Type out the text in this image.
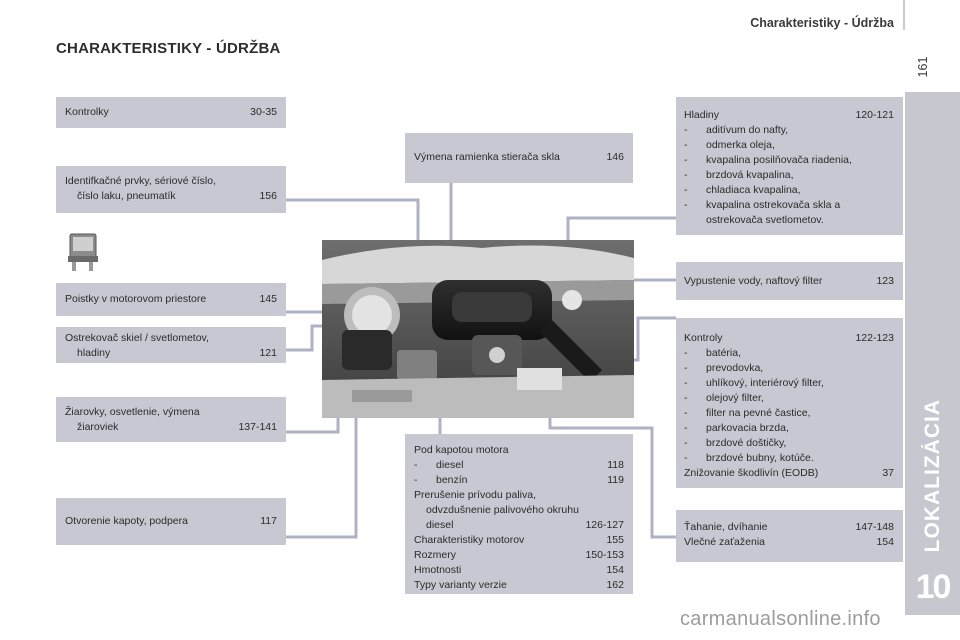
Charakteristiky - Údržba
161
LOKALIZÁCIA
10
CHARAKTERISTIKY - ÚDRŽBA
Kontrolky	30-35
Identifkačné prvky, sériové číslo,
číslo laku, pneumatík	156
Poistky v motorovom priestore	145
Ostrekovač skiel / svetlometov,
hladiny	121
Žiarovky, osvetlenie, výmena
žiaroviek	137-141
Otvorenie kapoty, podpera	117
Výmena ramienka stierača skla	146
Pod kapotou motora
-	diesel	118
-	benzín	119
Prerušenie prívodu paliva,
odvzdušnenie palivového okruhu
diesel	126-127
Charakteristiky motorov	155
Rozmery	150-153
Hmotnosti	154
Typy varianty verzie	162
Hladiny	120-121
-	aditívum do nafty,
-	odmerka oleja,
-	kvapalina posilňovača riadenia,
-	brzdová kvapalina,
-	chladiaca kvapalina,
-	kvapalina ostrekovača skla a
ostrekovača svetlometov.
Vypustenie vody, naftový filter	123
Kontroly	122-123
-	batéria,
-	prevodovka,
-	uhlíkový, interiérový filter,
-	olejový filter,
-	filter na pevné častice,
-	parkovacia brzda,
-	brzdové doštičky,
-	brzdové bubny, kotúče.
Znižovanie škodlivín (EODB)	37
Ťahanie, dvíhanie	147-148
Vlečné zaťaženia	154
carmanualsonline.info
